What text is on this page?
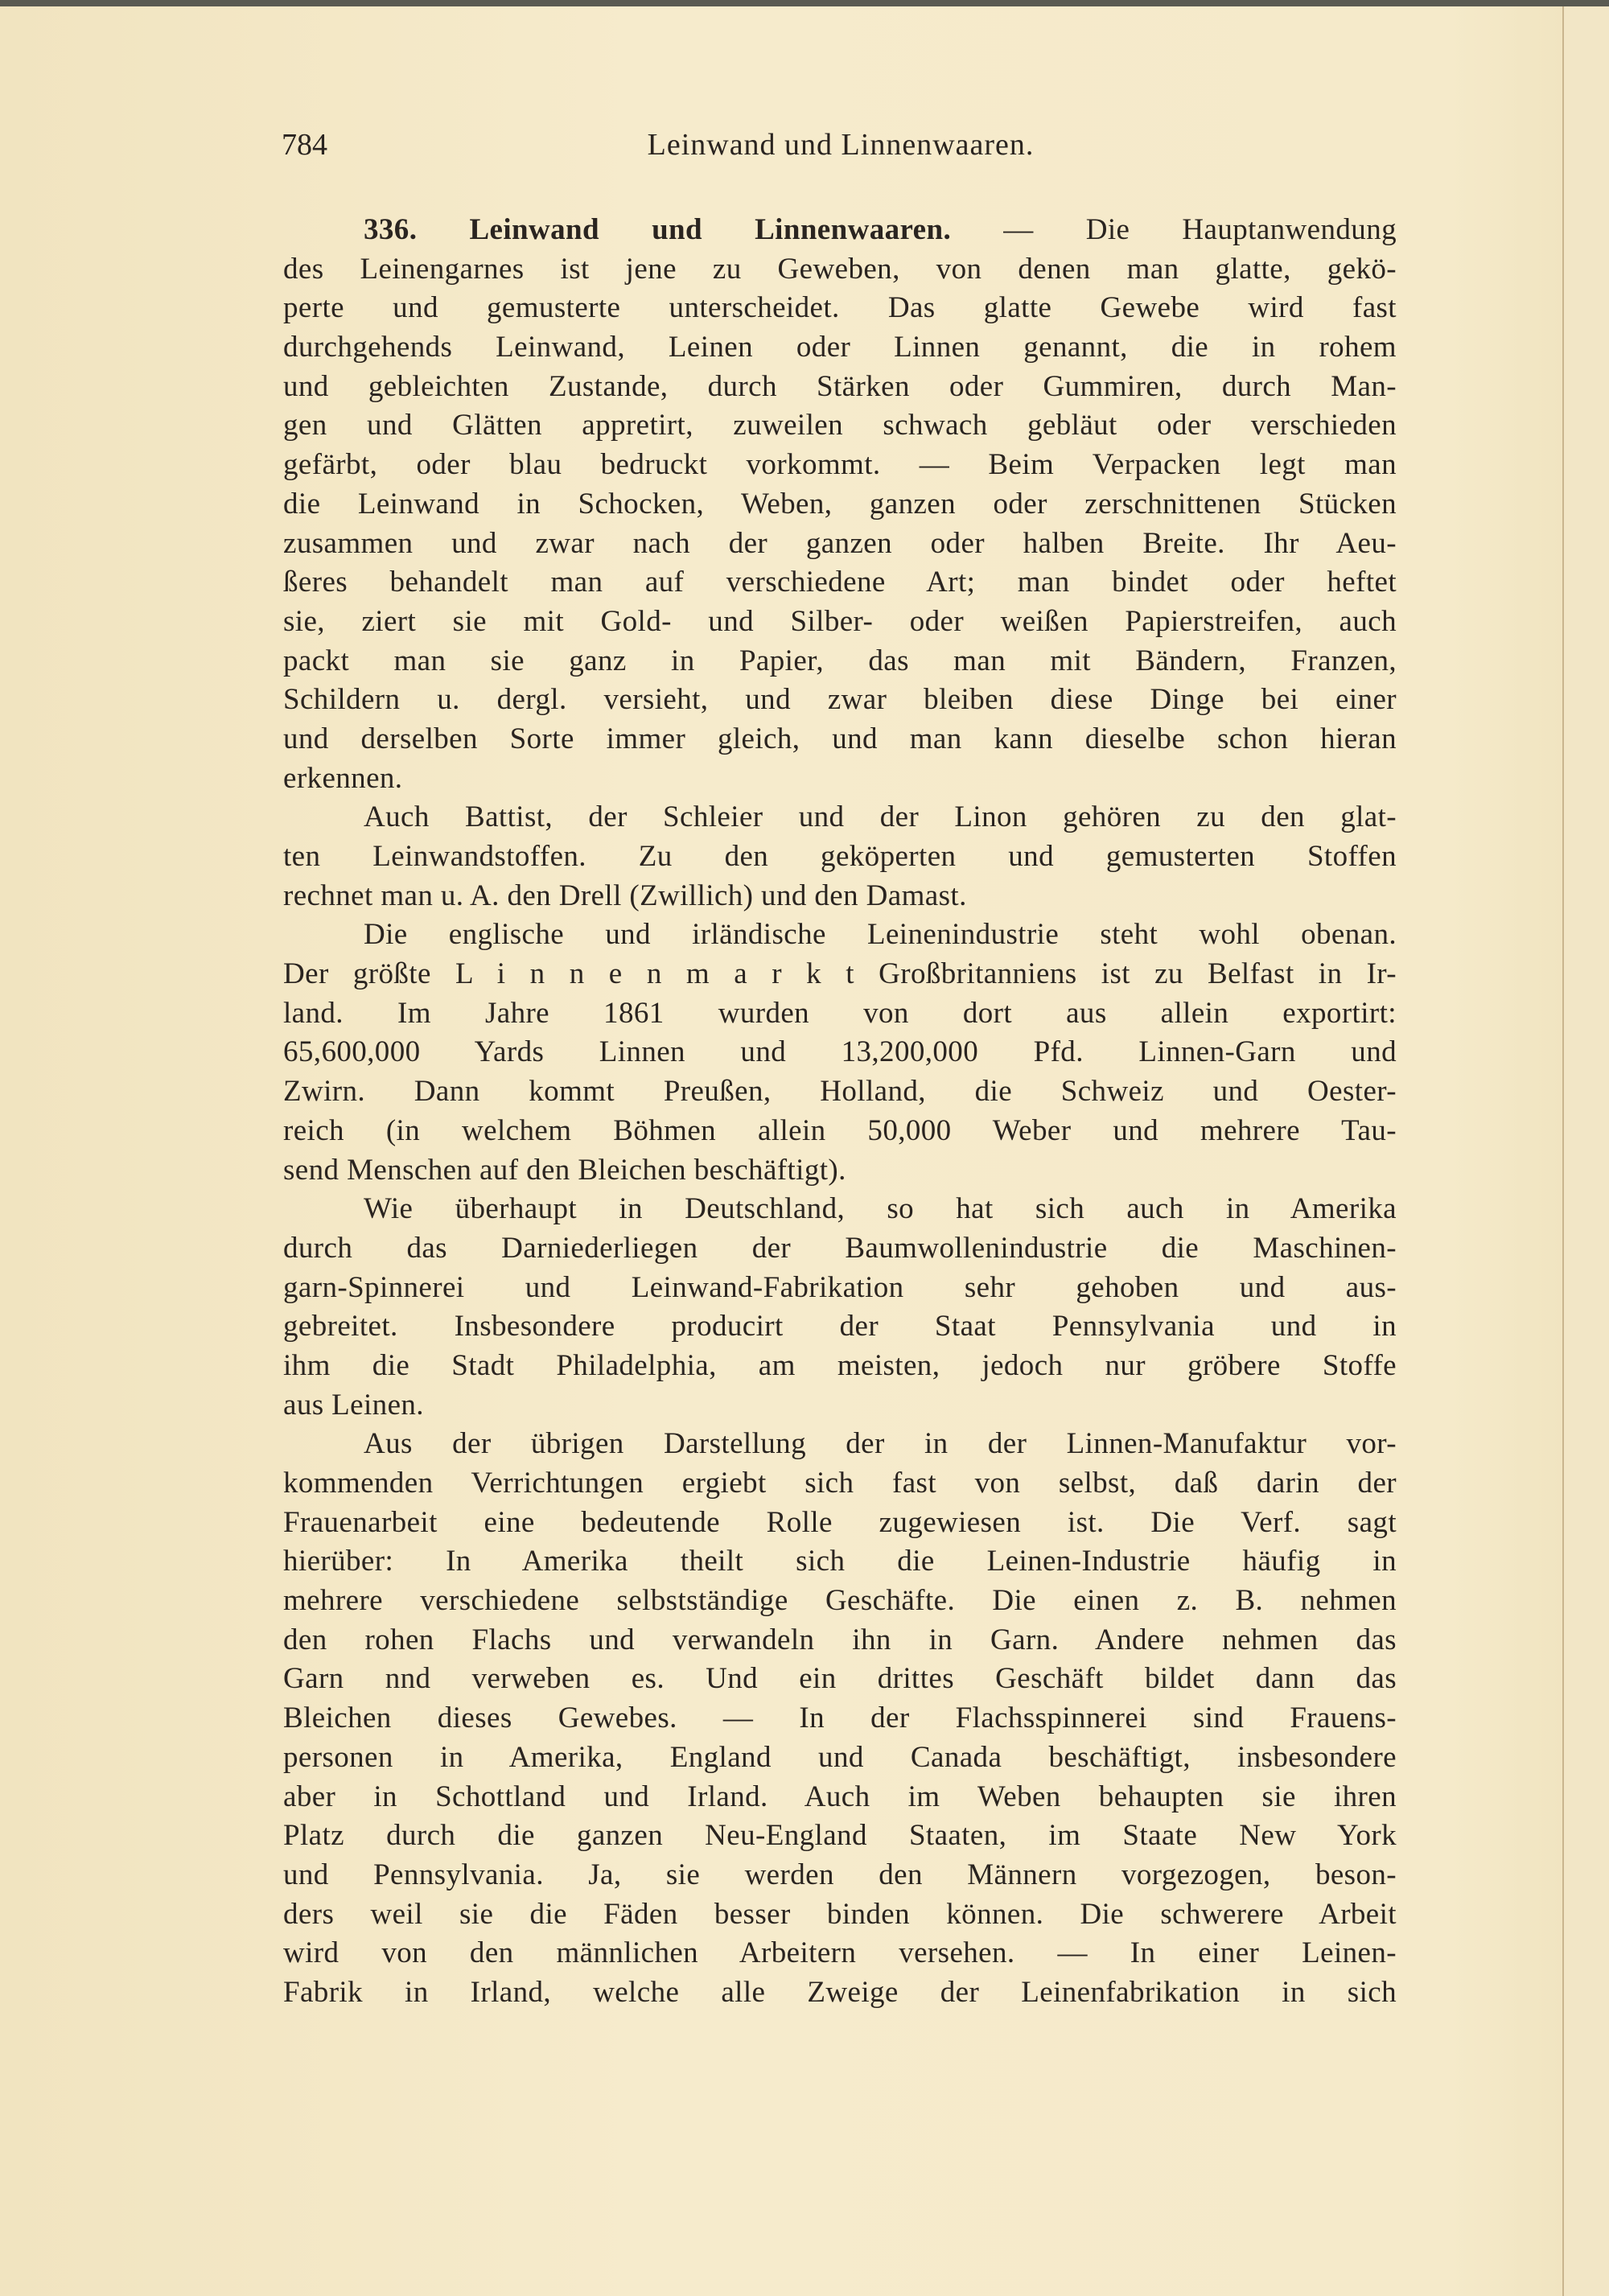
784	Leinwand und Linnenwaaren.
336. Leinwand und Linnenwaaren. — Die Hauptanwendung
des Leinengarnes ist jene zu Geweben, von denen man glatte, gekö-
perte und gemusterte unterscheidet. Das glatte Gewebe wird fast
durchgehends Leinwand, Leinen oder Linnen genannt, die in rohem
und gebleichten Zustande, durch Stärken oder Gummiren, durch Man-
gen und Glätten appretirt, zuweilen schwach gebläut oder verschieden
gefärbt, oder blau bedruckt vorkommt. — Beim Verpacken legt man
die Leinwand in Schocken, Weben, ganzen oder zerschnittenen Stücken
zusammen und zwar nach der ganzen oder halben Breite. Ihr Aeu-
ßeres behandelt man auf verschiedene Art; man bindet oder heftet
sie, ziert sie mit Gold- und Silber- oder weißen Papierstreifen, auch
packt man sie ganz in Papier, das man mit Bändern, Franzen,
Schildern u. dergl. versieht, und zwar bleiben diese Dinge bei einer
und derselben Sorte immer gleich, und man kann dieselbe schon hieran
erkennen.
Auch Battist, der Schleier und der Linon gehören zu den glat-
ten Leinwandstoffen. Zu den geköperten und gemusterten Stoffen
rechnet man u. A. den Drell (Zwillich) und den Damast.
Die englische und irländische Leinenindustrie steht wohl obenan.
Der größte L i n n e n m a r k t Großbritanniens ist zu Belfast in Ir-
land. Im Jahre 1861 wurden von dort aus allein exportirt:
65,600,000 Yards Linnen und 13,200,000 Pfd. Linnen-Garn und
Zwirn. Dann kommt Preußen, Holland, die Schweiz und Oester-
reich (in welchem Böhmen allein 50,000 Weber und mehrere Tau-
send Menschen auf den Bleichen beschäftigt).
Wie überhaupt in Deutschland, so hat sich auch in Amerika
durch das Darniederliegen der Baumwollenindustrie die Maschinen-
garn-Spinnerei und Leinwand-Fabrikation sehr gehoben und aus-
gebreitet. Insbesondere producirt der Staat Pennsylvania und in
ihm die Stadt Philadelphia, am meisten, jedoch nur gröbere Stoffe
aus Leinen.
Aus der übrigen Darstellung der in der Linnen-Manufaktur vor-
kommenden Verrichtungen ergiebt sich fast von selbst, daß darin der
Frauenarbeit eine bedeutende Rolle zugewiesen ist. Die Verf. sagt
hierüber: In Amerika theilt sich die Leinen-Industrie häufig in
mehrere verschiedene selbstständige Geschäfte. Die einen z. B. nehmen
den rohen Flachs und verwandeln ihn in Garn. Andere nehmen das
Garn nnd verweben es. Und ein drittes Geschäft bildet dann das
Bleichen dieses Gewebes. — In der Flachsspinnerei sind Frauens-
personen in Amerika, England und Canada beschäftigt, insbesondere
aber in Schottland und Irland. Auch im Weben behaupten sie ihren
Platz durch die ganzen Neu-England Staaten, im Staate New York
und Pennsylvania. Ja, sie werden den Männern vorgezogen, beson-
ders weil sie die Fäden besser binden können. Die schwerere Arbeit
wird von den männlichen Arbeitern versehen. — In einer Leinen-
Fabrik in Irland, welche alle Zweige der Leinenfabrikation in sich
